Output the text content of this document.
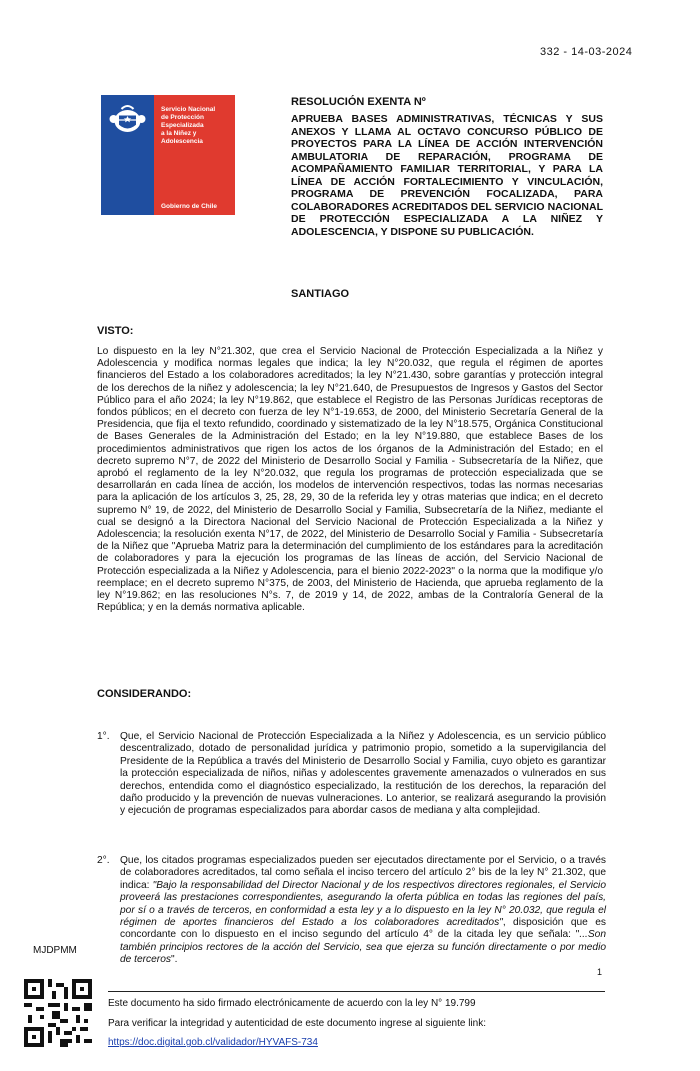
332 - 14-03-2024
Servicio Nacional
de Protección
Especializada
a la Niñez y
Adolescencia
Gobierno de Chile
RESOLUCIÓN EXENTA Nº
APRUEBA BASES ADMINISTRATIVAS, TÉCNICAS Y SUS ANEXOS Y LLAMA AL OCTAVO CONCURSO PÚBLICO DE PROYECTOS PARA LA LÍNEA DE ACCIÓN INTERVENCIÓN AMBULATORIA DE REPARACIÓN, PROGRAMA DE ACOMPAÑAMIENTO FAMILIAR TERRITORIAL, Y PARA LA LÍNEA DE ACCIÓN FORTALECIMIENTO Y VINCULACIÓN, PROGRAMA DE PREVENCIÓN FOCALIZADA, PARA COLABORADORES ACREDITADOS DEL SERVICIO NACIONAL DE PROTECCIÓN ESPECIALIZADA A LA NIÑEZ Y ADOLESCENCIA, Y DISPONE SU PUBLICACIÓN.
SANTIAGO
VISTO:
Lo dispuesto en la ley N°21.302, que crea el Servicio Nacional de Protección Especializada a la Niñez y Adolescencia y modifica normas legales que indica; la ley N°20.032, que regula el régimen de aportes financieros del Estado a los colaboradores acreditados; la ley N°21.430, sobre garantías y protección integral de los derechos de la niñez y adolescencia; la ley N°21.640, de Presupuestos de Ingresos y Gastos del Sector Público para el año 2024; la ley N°19.862, que establece el Registro de las Personas Jurídicas receptoras de fondos públicos; en el decreto con fuerza de ley N°1-19.653, de 2000, del Ministerio Secretaría General de la Presidencia, que fija el texto refundido, coordinado y sistematizado de la ley N°18.575, Orgánica Constitucional de Bases Generales de la Administración del Estado; en la ley N°19.880, que establece Bases de los procedimientos administrativos que rigen los actos de los órganos de la Administración del Estado; en el decreto supremo N°7, de 2022 del Ministerio de Desarrollo Social y Familia - Subsecretaría de la Niñez, que aprobó el reglamento de la ley N°20.032, que regula los programas de protección especializada que se desarrollarán en cada línea de acción, los modelos de intervención respectivos, todas las normas necesarias para la aplicación de los artículos 3, 25, 28, 29, 30 de la referida ley y otras materias que indica; en el decreto supremo N° 19, de 2022, del Ministerio de Desarrollo Social y Familia, Subsecretaría de la Niñez, mediante el cual se designó a la Directora Nacional del Servicio Nacional de Protección Especializada a la Niñez y Adolescencia; la resolución exenta N°17, de 2022, del Ministerio de Desarrollo Social y Familia - Subsecretaría de la Niñez que "Aprueba Matriz para la determinación del cumplimiento de los estándares para la acreditación de colaboradores y para la ejecución los programas de las líneas de acción, del Servicio Nacional de Protección especializada a la Niñez y Adolescencia, para el bienio 2022-2023" o la norma que la modifique y/o reemplace; en el decreto supremo N°375, de 2003, del Ministerio de Hacienda, que aprueba reglamento de la ley N°19.862; en las resoluciones N°s. 7, de 2019 y 14, de 2022, ambas de la Contraloría General de la República; y en la demás normativa aplicable.
CONSIDERANDO:
1°. Que, el Servicio Nacional de Protección Especializada a la Niñez y Adolescencia, es un servicio público descentralizado, dotado de personalidad jurídica y patrimonio propio, sometido a la supervigilancia del Presidente de la República a través del Ministerio de Desarrollo Social y Familia, cuyo objeto es garantizar la protección especializada de niños, niñas y adolescentes gravemente amenazados o vulnerados en sus derechos, entendida como el diagnóstico especializado, la restitución de los derechos, la reparación del daño producido y la prevención de nuevas vulneraciones. Lo anterior, se realizará asegurando la provisión y ejecución de programas especializados para abordar casos de mediana y alta complejidad.
2°. Que, los citados programas especializados pueden ser ejecutados directamente por el Servicio, o a través de colaboradores acreditados, tal como señala el inciso tercero del artículo 2° bis de la ley N° 21.302, que indica: "Bajo la responsabilidad del Director Nacional y de los respectivos directores regionales, el Servicio proveerá las prestaciones correspondientes, asegurando la oferta pública en todas las regiones del país, por sí o a través de terceros, en conformidad a esta ley y a lo dispuesto en la ley N° 20.032, que regula el régimen de aportes financieros del Estado a los colaboradores acreditados", disposición que es concordante con lo dispuesto en el inciso segundo del artículo 4° de la citada ley que señala: "...Son también principios rectores de la acción del Servicio, sea que ejerza su función directamente o por medio de terceros".
MJDPMM
1
Este documento ha sido firmado electrónicamente de acuerdo con la ley N° 19.799
Para verificar la integridad y autenticidad de este documento ingrese al siguiente link:
https://doc.digital.gob.cl/validador/HYVAFS-734
